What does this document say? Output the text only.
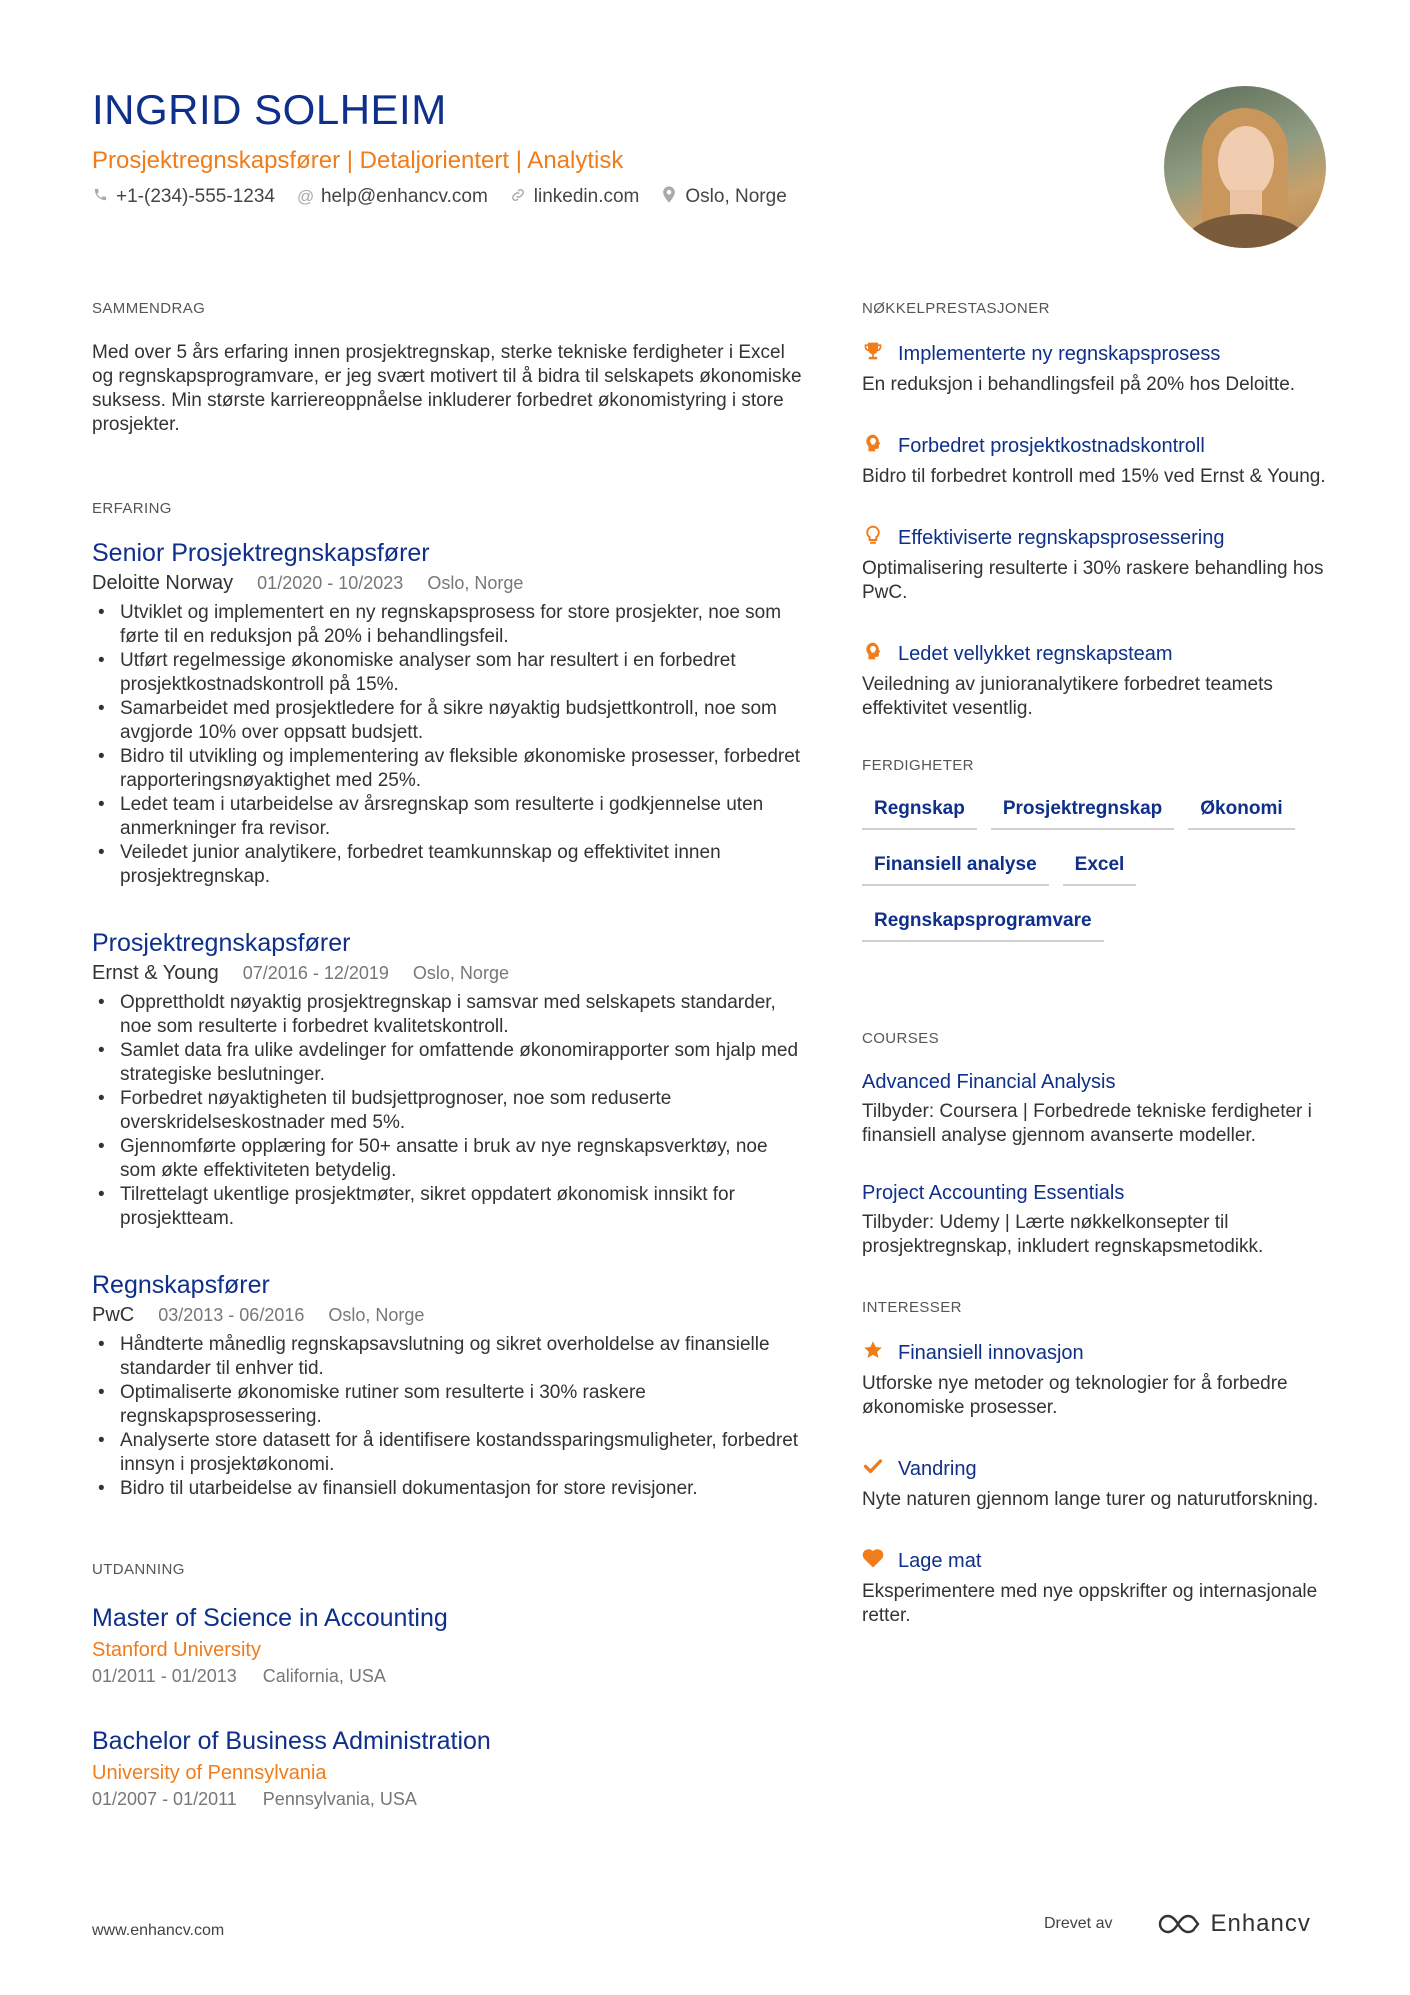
INGRID SOLHEIM
Prosjektregnskapsfører | Detaljorientert | Analytisk
+1-(234)-555-1234 @ help@enhancv.com linkedin.com Oslo, Norge
SAMMENDRAG

Med over 5 års erfaring innen prosjektregnskap, sterke tekniske ferdigheter i Excel og regnskapsprogramvare, er jeg svært motivert til å bidra til selskapets økonomiske suksess. Min største karriereoppnåelse inkluderer forbedret økonomistyring i store prosjekter.

ERFARING
Senior Prosjektregnskapsfører
Deloitte Norway 01/2020 - 10/2023 Oslo, Norge
• Utviklet og implementert en ny regnskapsprosess for store prosjekter, noe som førte til en reduksjon på 20% i behandlingsfeil.
• Utført regelmessige økonomiske analyser som har resultert i en forbedret prosjektkostnadskontroll på 15%.
• Samarbeidet med prosjektledere for å sikre nøyaktig budsjettkontroll, noe som avgjorde 10% over oppsatt budsjett.
• Bidro til utvikling og implementering av fleksible økonomiske prosesser, forbedret rapporteringsnøyaktighet med 25%.
• Ledet team i utarbeidelse av årsregnskap som resulterte i godkjennelse uten anmerkninger fra revisor.
• Veiledet junior analytikere, forbedret teamkunnskap og effektivitet innen prosjektregnskap.
Prosjektregnskapsfører
Ernst & Young 07/2016 - 12/2019 Oslo, Norge
• Opprettholdt nøyaktig prosjektregnskap i samsvar med selskapets standarder, noe som resulterte i forbedret kvalitetskontroll.
• Samlet data fra ulike avdelinger for omfattende økonomirapporter som hjalp med strategiske beslutninger.
• Forbedret nøyaktigheten til budsjettprognoser, noe som reduserte overskridelseskostnader med 5%.
• Gjennomførte opplæring for 50+ ansatte i bruk av nye regnskapsverktøy, noe som økte effektiviteten betydelig.
• Tilrettelagt ukentlige prosjektmøter, sikret oppdatert økonomisk innsikt for prosjektteam.
Regnskapsfører
PwC 03/2013 - 06/2016 Oslo, Norge
• Håndterte månedlig regnskapsavslutning og sikret overholdelse av finansielle standarder til enhver tid.
• Optimaliserte økonomiske rutiner som resulterte i 30% raskere regnskapsprosessering.
• Analyserte store datasett for å identifisere kostandssparingsmuligheter, forbedret innsyn i prosjektøkonomi.
• Bidro til utarbeidelse av finansiell dokumentasjon for store revisjoner.
UTDANNING
Master of Science in Accounting
Stanford University
01/2011 - 01/2013 California, USA
Bachelor of Business Administration
University of Pennsylvania
01/2007 - 01/2011 Pennsylvania, USA
NØKKELPRESTASJONER
Implementerte ny regnskapsprosess
En reduksjon i behandlingsfeil på 20% hos Deloitte.
Forbedret prosjektkostnadskontroll
Bidro til forbedret kontroll med 15% ved Ernst & Young.
Effektiviserte regnskapsprosessering
Optimalisering resulterte i 30% raskere behandling hos PwC.
Ledet vellykket regnskapsteam
Veiledning av junioranalytikere forbedret teamets effektivitet vesentlig.
FERDIGHETER
Regnskap	Prosjektregnskap	Økonomi
Finansiell analyse	Excel
Regnskapsprogramvare
COURSES
Advanced Financial Analysis
Tilbyder: Coursera | Forbedrede tekniske ferdigheter i finansiell analyse gjennom avanserte modeller.
Project Accounting Essentials
Tilbyder: Udemy | Lærte nøkkelkonsepter til prosjektregnskap, inkludert regnskapsmetodikk.
INTERESSER
Finansiell innovasjon
Utforske nye metoder og teknologier for å forbedre økonomiske prosesser.
Vandring
Nyte naturen gjennom lange turer og naturutforskning.
Lage mat
Eksperimentere med nye oppskrifter og internasjonale retter.
www.enhancv.com	Drevet av	Enhancv
